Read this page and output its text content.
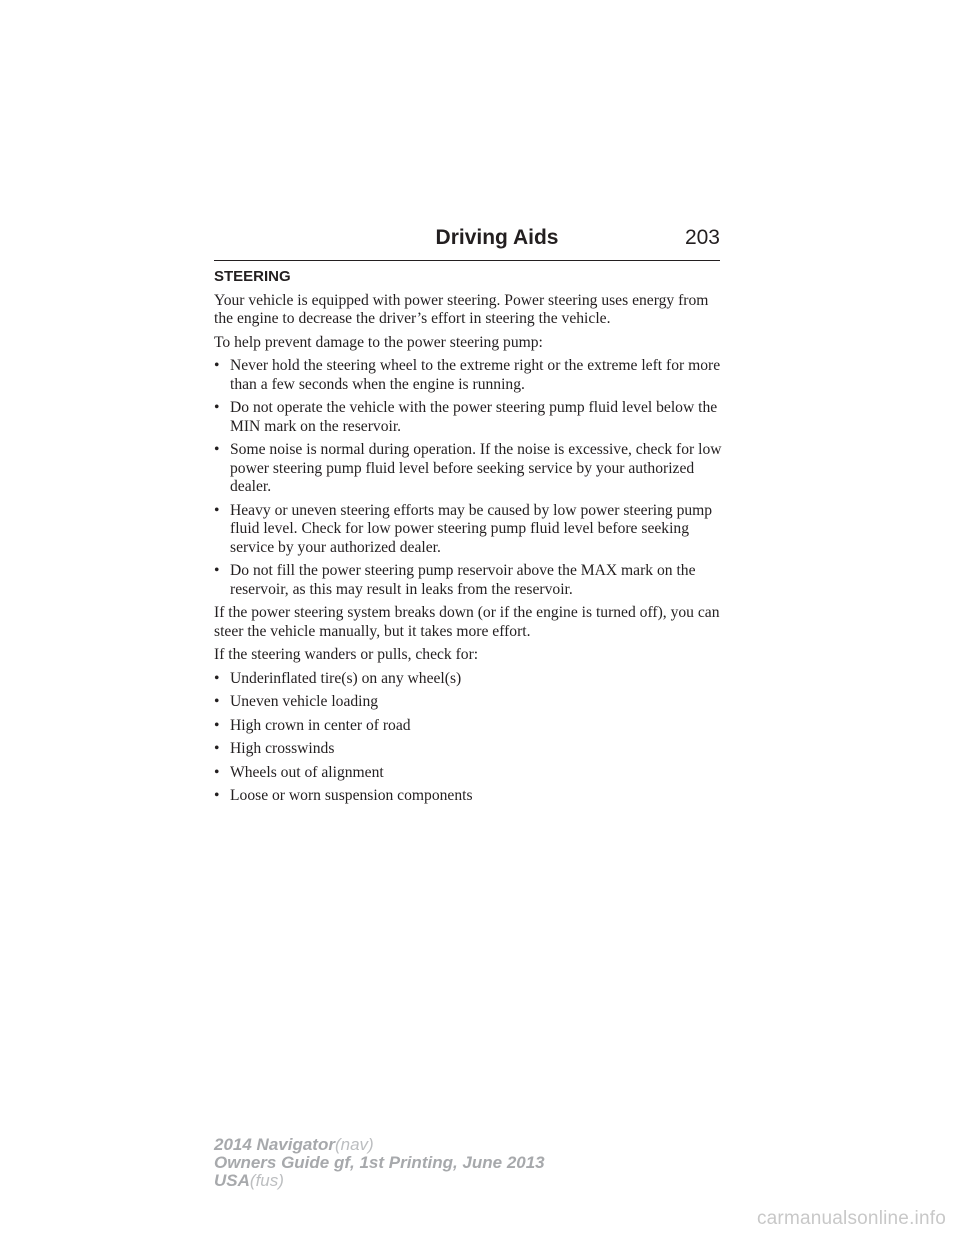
Driving Aids	203
STEERING

Your vehicle is equipped with power steering. Power steering uses energy from the engine to decrease the driver’s effort in steering the vehicle.

To help prevent damage to the power steering pump:

• Never hold the steering wheel to the extreme right or the extreme left for more than a few seconds when the engine is running.
• Do not operate the vehicle with the power steering pump fluid level below the MIN mark on the reservoir.
• Some noise is normal during operation. If the noise is excessive, check for low power steering pump fluid level before seeking service by your authorized dealer.
• Heavy or uneven steering efforts may be caused by low power steering pump fluid level. Check for low power steering pump fluid level before seeking service by your authorized dealer.
• Do not fill the power steering pump reservoir above the MAX mark on the reservoir, as this may result in leaks from the reservoir.

If the power steering system breaks down (or if the engine is turned off), you can steer the vehicle manually, but it takes more effort.

If the steering wanders or pulls, check for:

• Underinflated tire(s) on any wheel(s)
• Uneven vehicle loading
• High crown in center of road
• High crosswinds
• Wheels out of alignment
• Loose or worn suspension components
2014 Navigator(nav)
Owners Guide gf, 1st Printing, June 2013
USA(fus)
carmanualsonline.info
